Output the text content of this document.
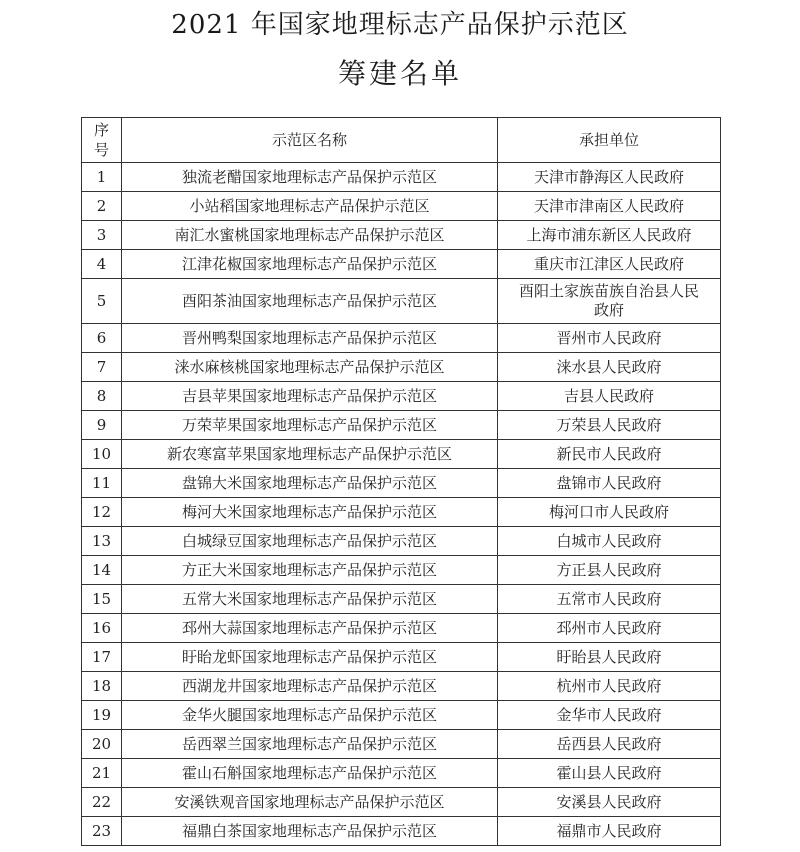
2021 年国家地理标志产品保护示范区
筹建名单
序号	示范区名称	承担单位
1	独流老醋国家地理标志产品保护示范区	天津市静海区人民政府
2	小站稻国家地理标志产品保护示范区	天津市津南区人民政府
3	南汇水蜜桃国家地理标志产品保护示范区	上海市浦东新区人民政府
4	江津花椒国家地理标志产品保护示范区	重庆市江津区人民政府
5	酉阳茶油国家地理标志产品保护示范区	酉阳土家族苗族自治县人民政府
6	晋州鸭梨国家地理标志产品保护示范区	晋州市人民政府
7	涞水麻核桃国家地理标志产品保护示范区	涞水县人民政府
8	吉县苹果国家地理标志产品保护示范区	吉县人民政府
9	万荣苹果国家地理标志产品保护示范区	万荣县人民政府
10	新农寒富苹果国家地理标志产品保护示范区	新民市人民政府
11	盘锦大米国家地理标志产品保护示范区	盘锦市人民政府
12	梅河大米国家地理标志产品保护示范区	梅河口市人民政府
13	白城绿豆国家地理标志产品保护示范区	白城市人民政府
14	方正大米国家地理标志产品保护示范区	方正县人民政府
15	五常大米国家地理标志产品保护示范区	五常市人民政府
16	邳州大蒜国家地理标志产品保护示范区	邳州市人民政府
17	盱眙龙虾国家地理标志产品保护示范区	盱眙县人民政府
18	西湖龙井国家地理标志产品保护示范区	杭州市人民政府
19	金华火腿国家地理标志产品保护示范区	金华市人民政府
20	岳西翠兰国家地理标志产品保护示范区	岳西县人民政府
21	霍山石斛国家地理标志产品保护示范区	霍山县人民政府
22	安溪铁观音国家地理标志产品保护示范区	安溪县人民政府
23	福鼎白茶国家地理标志产品保护示范区	福鼎市人民政府
